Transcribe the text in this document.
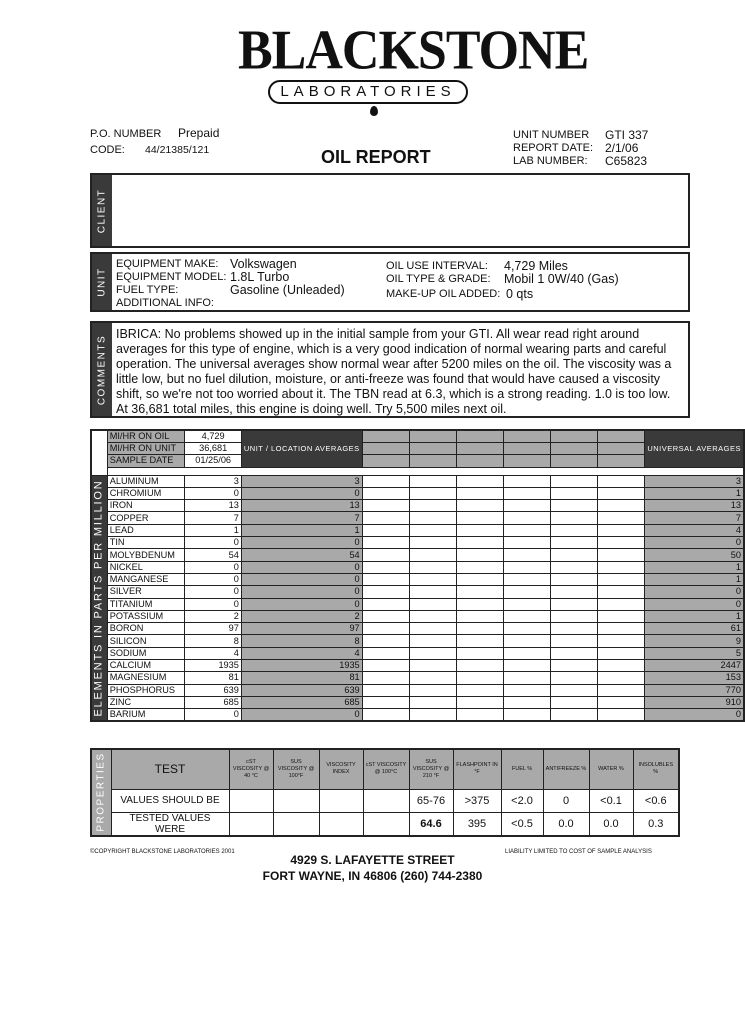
BLACKSTONE
LABORATORIES
P.O. NUMBER Prepaid
CODE: 44/21385/121	OIL REPORT
UNIT NUMBER GTI 337
REPORT DATE: 2/1/06
LAB NUMBER: C65823
CLIENT
UNIT
EQUIPMENT MAKE: Volkswagen
EQUIPMENT MODEL: 1.8L Turbo
FUEL TYPE:	Gasoline (Unleaded)
ADDITIONAL INFO:
OIL USE INTERVAL: 4,729 Miles
OIL TYPE & GRADE: Mobil 1 0W/40 (Gas)
MAKE-UP OIL ADDED: 0 qts
COMMENTS
IBRICA: No problems showed up in the initial sample from your GTI. All wear read right around averages for this type of engine, which is a very good indication of normal wearing parts and careful operation. The universal averages show normal wear after 5200 miles on the oil. The viscosity was a little low, but no fuel dilution, moisture, or anti-freeze was found that would have caused a viscosity shift, so we're not too worried about it. The TBN read at 6.3, which is a strong reading. 1.0 is too low. At 36,681 total miles, this engine is doing well. Try 5,500 miles next oil.
	MI/HR ON OIL	4,729	UNIT / LOCATION AVERAGES							UNIVERSAL AVERAGES
	MI/HR ON UNIT	36,681								
	SAMPLE DATE	01/25/06								

ELEMENTS IN PARTS PER MILLION	ALUMINUM	3	3							3
	CHROMIUM	0	0							1
	IRON	13	13							13
	COPPER	7	7							7
	LEAD	1	1							4
	TIN	0	0							0
	MOLYBDENUM	54	54							50
	NICKEL	0	0							1
	MANGANESE	0	0							1
	SILVER	0	0							0
	TITANIUM	0	0							0
	POTASSIUM	2	2							1
	BORON	97	97							61
	SILICON	8	8							9
	SODIUM	4	4							5
	CALCIUM	1935	1935							2447
	MAGNESIUM	81	81							153
	PHOSPHORUS	639	639							770
	ZINC	685	685							910
	BARIUM	0	0							0
PROPERTIES	TEST	cST VISCOSITY @ 40 °C	SUS VISCOSITY @ 100°F	VISCOSITY INDEX	cST VISCOSITY @ 100°C	SUS VISCOSITY @ 210 °F	FLASHPOINT IN °F	FUEL %	ANTIFREEZE %	WATER %	INSOLUBLES %
	VALUES SHOULD BE					65-76	>375	<2.0	0	<0.1	<0.6
	TESTED VALUES WERE					64.6	395	<0.5	0.0	0.0	0.3
©COPYRIGHT BLACKSTONE LABORATORIES 2001	LIABILITY LIMITED TO COST OF SAMPLE ANALYSIS
4929 S. LAFAYETTE STREET
FORT WAYNE, IN 46806 (260) 744-2380
